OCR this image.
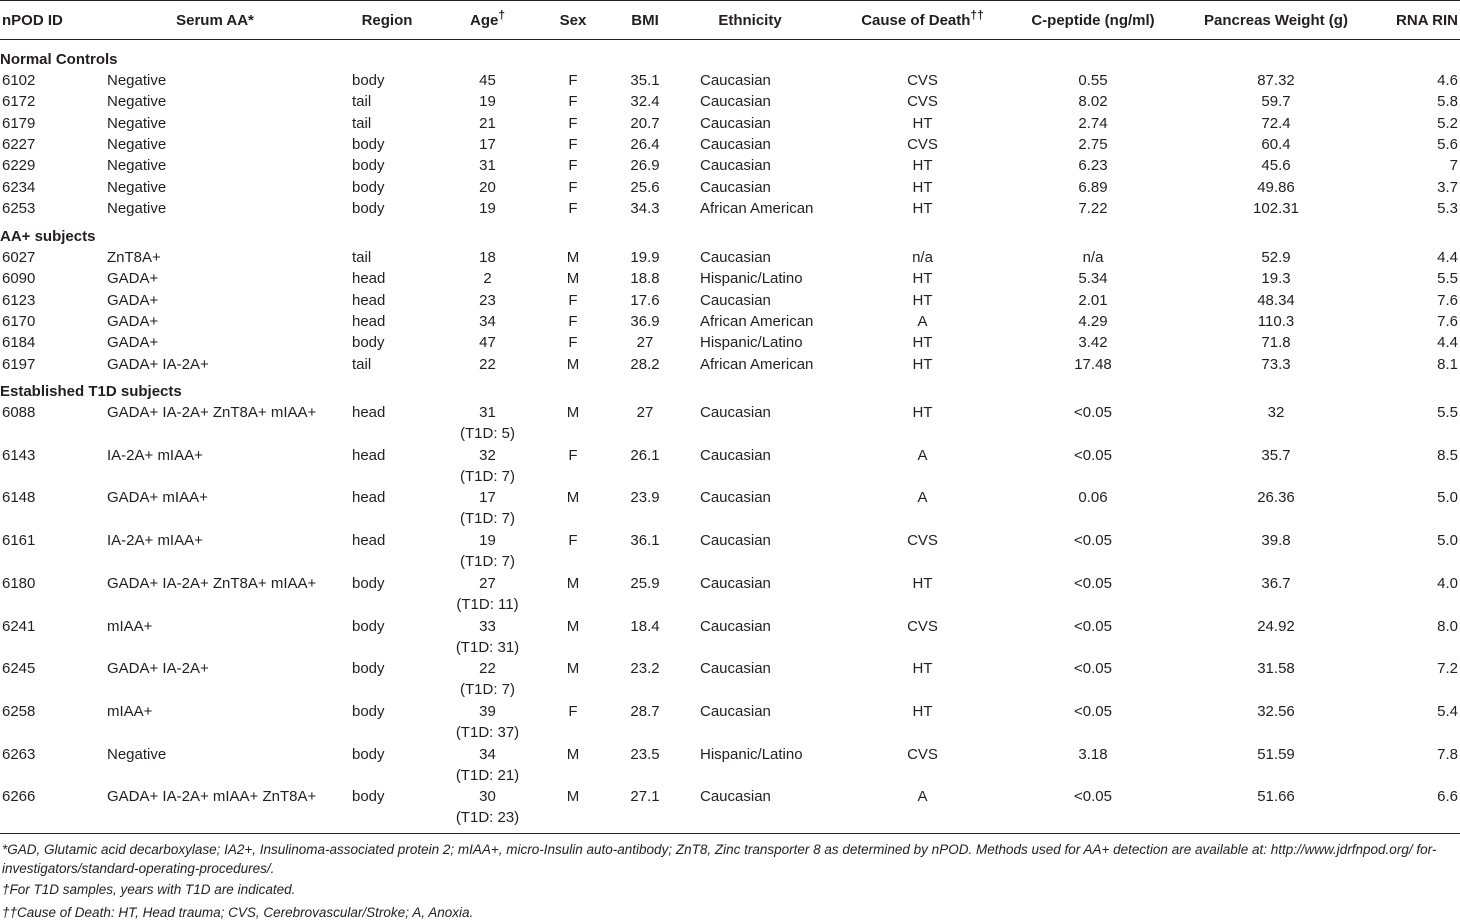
nPOD ID	Serum AA*	Region	Age†	Sex	BMI	Ethnicity	Cause of Death††	C-peptide (ng/ml)	Pancreas Weight (g)	RNA RIN
Normal Controls
6102	Negative	body	45	F	35.1	Caucasian	CVS	0.55	87.32	4.6
6172	Negative	tail	19	F	32.4	Caucasian	CVS	8.02	59.7	5.8
6179	Negative	tail	21	F	20.7	Caucasian	HT	2.74	72.4	5.2
6227	Negative	body	17	F	26.4	Caucasian	CVS	2.75	60.4	5.6
6229	Negative	body	31	F	26.9	Caucasian	HT	6.23	45.6	7
6234	Negative	body	20	F	25.6	Caucasian	HT	6.89	49.86	3.7
6253	Negative	body	19	F	34.3	African American	HT	7.22	102.31	5.3
AA+ subjects
6027	ZnT8A+	tail	18	M	19.9	Caucasian	n/a	n/a	52.9	4.4
6090	GADA+	head	2	M	18.8	Hispanic/Latino	HT	5.34	19.3	5.5
6123	GADA+	head	23	F	17.6	Caucasian	HT	2.01	48.34	7.6
6170	GADA+	head	34	F	36.9	African American	A	4.29	110.3	7.6
6184	GADA+	body	47	F	27	Hispanic/Latino	HT	3.42	71.8	4.4
6197	GADA+ IA-2A+	tail	22	M	28.2	African American	HT	17.48	73.3	8.1
Established T1D subjects
6088	GADA+ IA-2A+ ZnT8A+ mIAA+	head	31	M	27	Caucasian	HT	<0.05	32	5.5
(T1D: 5)
6143	IA-2A+ mIAA+	head	32	F	26.1	Caucasian	A	<0.05	35.7	8.5
(T1D: 7)
6148	GADA+ mIAA+	head	17	M	23.9	Caucasian	A	0.06	26.36	5.0
(T1D: 7)
6161	IA-2A+ mIAA+	head	19	F	36.1	Caucasian	CVS	<0.05	39.8	5.0
(T1D: 7)
6180	GADA+ IA-2A+ ZnT8A+ mIAA+	body	27	M	25.9	Caucasian	HT	<0.05	36.7	4.0
(T1D: 11)
6241	mIAA+	body	33	M	18.4	Caucasian	CVS	<0.05	24.92	8.0
(T1D: 31)
6245	GADA+ IA-2A+	body	22	M	23.2	Caucasian	HT	<0.05	31.58	7.2
(T1D: 7)
6258	mIAA+	body	39	F	28.7	Caucasian	HT	<0.05	32.56	5.4
(T1D: 37)
6263	Negative	body	34	M	23.5	Hispanic/Latino	CVS	3.18	51.59	7.8
(T1D: 21)
6266	GADA+ IA-2A+ mIAA+ ZnT8A+	body	30	M	27.1	Caucasian	A	<0.05	51.66	6.6
(T1D: 23)
*GAD, Glutamic acid decarboxylase; IA2+, Insulinoma-associated protein 2; mIAA+, micro-Insulin auto-antibody; ZnT8, Zinc transporter 8 as determined by nPOD. Methods used for AA+ detection are available at: http://www.jdrfnpod.org/ for-investigators/standard-operating-procedures/.
†For T1D samples, years with T1D are indicated.
††Cause of Death: HT, Head trauma; CVS, Cerebrovascular/Stroke; A, Anoxia.
